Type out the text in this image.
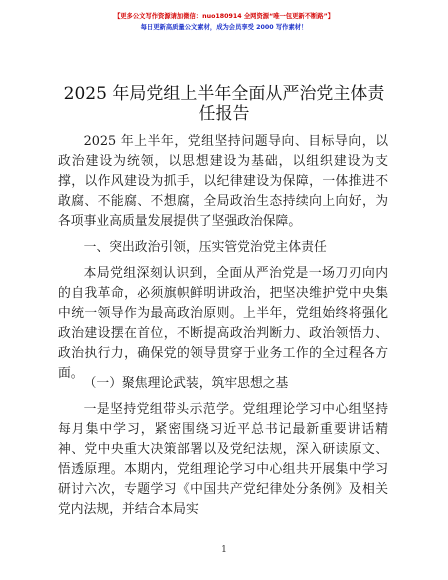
【更多公文写作资源请加微信：nuo180914 全网资源“唯一包更新不断路”】
每日更新高质量公文素材，成为会员享受 2000 写作素材！
2025 年局党组上半年全面从严治党主体责任报告

2025 年上半年，党组坚持问题导向、目标导向，以政治建设为统领，以思想建设为基础，以组织建设为支撑，以作风建设为抓手，以纪律建设为保障，一体推进不敢腐、不能腐、不想腐，全局政治生态持续向上向好，为各项事业高质量发展提供了坚强政治保障。

一、突出政治引领，压实管党治党主体责任

本局党组深刻认识到，全面从严治党是一场刀刃向内的自我革命，必须旗帜鲜明讲政治，把坚决维护党中央集中统一领导作为最高政治原则。上半年，党组始终将强化政治建设摆在首位，不断提高政治判断力、政治领悟力、政治执行力，确保党的领导贯穿于业务工作的全过程各方面。

（一）聚焦理论武装，筑牢思想之基

一是坚持党组带头示范学。党组理论学习中心组坚持每月集中学习，紧密围绕习近平总书记最新重要讲话精神、党中央重大决策部署以及党纪法规，深入研读原文、悟透原理。本期内，党组理论学习中心组共开展集中学习研讨六次，专题学习《中国共产党纪律处分条例》及相关党内法规，并结合本局实

1
